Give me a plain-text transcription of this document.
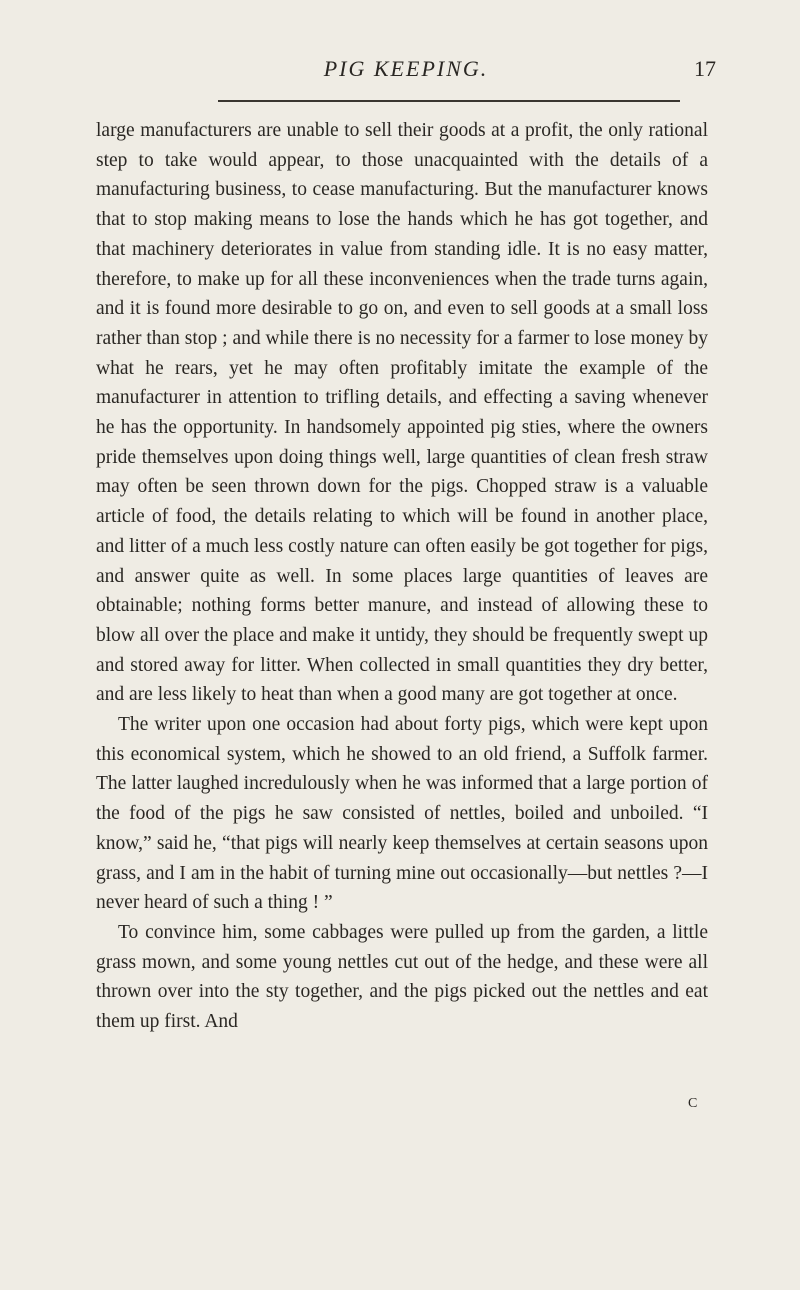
PIG KEEPING.	17

large manufacturers are unable to sell their goods at a profit, the only rational step to take would appear, to those unacquainted with the details of a manufacturing business, to cease manufacturing. But the manufacturer knows that to stop making means to lose the hands which he has got together, and that machinery deteriorates in value from standing idle. It is no easy matter, therefore, to make up for all these inconveniences when the trade turns again, and it is found more desirable to go on, and even to sell goods at a small loss rather than stop ; and while there is no necessity for a farmer to lose money by what he rears, yet he may often profitably imitate the example of the manufacturer in attention to trifling details, and effecting a saving whenever he has the opportunity. In handsomely appointed pig sties, where the owners pride themselves upon doing things well, large quantities of clean fresh straw may often be seen thrown down for the pigs. Chopped straw is a valuable article of food, the details relating to which will be found in another place, and litter of a much less costly nature can often easily be got together for pigs, and answer quite as well. In some places large quantities of leaves are obtainable; nothing forms better manure, and instead of allowing these to blow all over the place and make it untidy, they should be frequently swept up and stored away for litter. When collected in small quantities they dry better, and are less likely to heat than when a good many are got together at once.

The writer upon one occasion had about forty pigs, which were kept upon this economical system, which he showed to an old friend, a Suffolk farmer. The latter laughed incredulously when he was informed that a large portion of the food of the pigs he saw consisted of nettles, boiled and unboiled. “I know,” said he, “that pigs will nearly keep themselves at certain seasons upon grass, and I am in the habit of turning mine out occasionally—but nettles ?—I never heard of such a thing ! ”

To convince him, some cabbages were pulled up from the garden, a little grass mown, and some young nettles cut out of the hedge, and these were all thrown over into the sty together, and the pigs picked out the nettles and eat them up first. And

C
